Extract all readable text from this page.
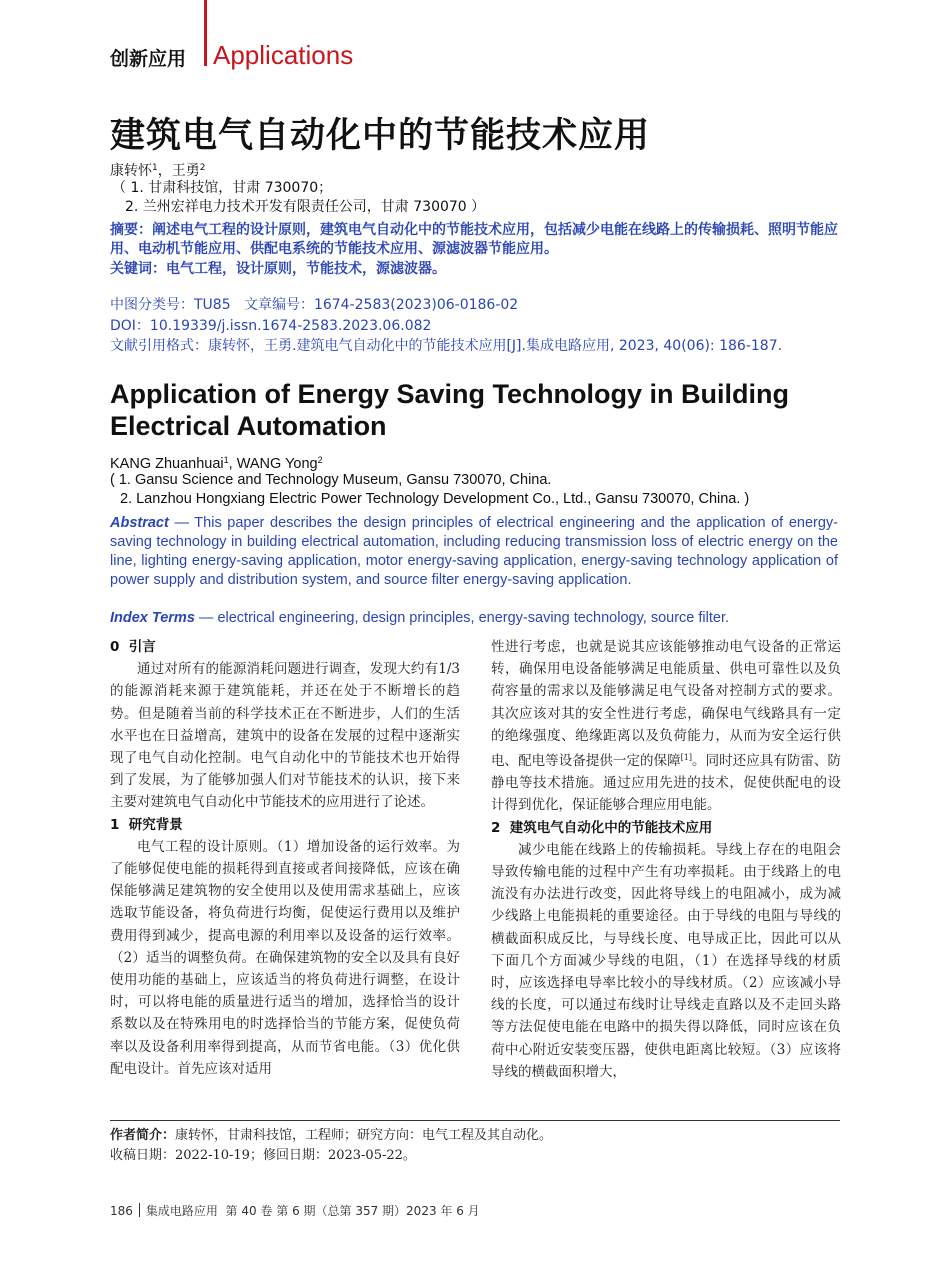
创新应用 Applications
建筑电气自动化中的节能技术应用
康转怀$^1$，王勇$^2$
（ 1. 甘肃科技馆，甘肃 730070；
2. 兰州宏祥电力技术开发有限责任公司，甘肃 730070 ）
摘要：阐述电气工程的设计原则，建筑电气自动化中的节能技术应用，包括减少电能在线路上的传输损耗、照明节能应用、电动机节能应用、供配电系统的节能技术应用、源滤波器节能应用。
关键词：电气工程，设计原则，节能技术，源滤波器。
中图分类号：TU85   文章编号：1674-2583(2023)06-0186-02
DOI：10.19339/j.issn.1674-2583.2023.06.082
文献引用格式：康转怀，王勇.建筑电气自动化中的节能技术应用[J].集成电路应用, 2023, 40(06): 186-187.
Application of Energy Saving Technology in Building Electrical Automation
KANG Zhuanhuai$^1$, WANG Yong$^2$
( 1. Gansu Science and Technology Museum, Gansu 730070, China.
2. Lanzhou Hongxiang Electric Power Technology Development Co., Ltd., Gansu 730070, China. )
Abstract — This paper describes the design principles of electrical engineering and the application of energy-saving technology in building electrical automation, including reducing transmission loss of electric energy on the line, lighting energy-saving application, motor energy-saving application, energy-saving technology application of power supply and distribution system, and source filter energy-saving application.
Index Terms — electrical engineering, design principles, energy-saving technology, source filter.
0  引言

通过对所有的能源消耗问题进行调查，发现大约有1/3的能源消耗来源于建筑能耗，并还在处于不断增长的趋势。但是随着当前的科学技术正在不断进步，人们的生活水平也在日益增高，建筑中的设备在发展的过程中逐渐实现了电气自动化控制。电气自动化中的节能技术也开始得到了发展，为了能够加强人们对节能技术的认识，接下来主要对建筑电气自动化中节能技术的应用进行了论述。

1  研究背景

电气工程的设计原则。（1）增加设备的运行效率。为了能够促使电能的损耗得到直接或者间接降低，应该在确保能够满足建筑物的安全使用以及使用需求基础上，应该选取节能设备，将负荷进行均衡，促使运行费用以及维护费用得到减少，提高电源的利用率以及设备的运行效率。（2）适当的调整负荷。在确保建筑物的安全以及具有良好使用功能的基础上，应该适当的将负荷进行调整，在设计时，可以将电能的质量进行适当的增加，选择恰当的设计系数以及在特殊用电的时选择恰当的节能方案，促使负荷率以及设备利用率得到提高，从而节省电能。（3）优化供配电设计。首先应该对适用

性进行考虑，也就是说其应该能够推动电气设备的正常运转，确保用电设备能够满足电能质量、供电可靠性以及负荷容量的需求以及能够满足电气设备对控制方式的要求。其次应该对其的安全性进行考虑，确保电气线路具有一定的绝缘强度、绝缘距离以及负荷能力，从而为安全运行供电、配电等设备提供一定的保障[1]。同时还应具有防雷、防静电等技术措施。通过应用先进的技术，促使供配电的设计得到优化，保证能够合理应用电能。

2  建筑电气自动化中的节能技术应用

减少电能在线路上的传输损耗。导线上存在的电阻会导致传输电能的过程中产生有功率损耗。由于线路上的电流没有办法进行改变，因此将导线上的电阻减小，成为减少线路上电能损耗的重要途径。由于导线的电阻与导线的横截面积成反比，与导线长度、电导成正比，因此可以从下面几个方面减少导线的电阻，（1）在选择导线的材质时，应该选择电导率比较小的导线材质。（2）应该减小导线的长度，可以通过布线时让导线走直路以及不走回头路等方法促使电能在电路中的损失得以降低，同时应该在负荷中心附近安装变压器，使供电距离比较短。（3）应该将导线的横截面积增大，

作者简介：康转怀，甘肃科技馆，工程师；研究方向：电气工程及其自动化。
收稿日期：2022-10-19；修回日期：2023-05-22。
186 集成电路应用  第 40 卷 第 6 期（总第 357 期）2023 年 6 月
